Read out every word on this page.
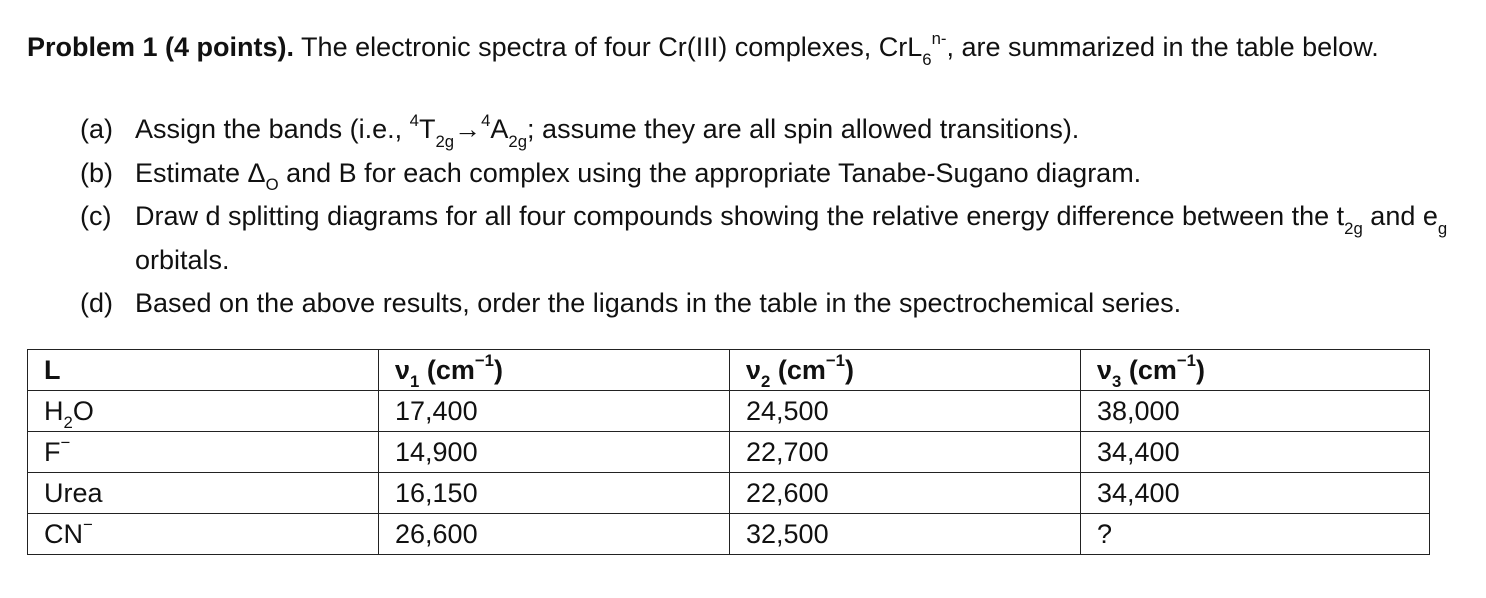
Problem 1 (4 points). The electronic spectra of four Cr(III) complexes, CrL$_6^{n-}$, are summarized in the table below.
(a) Assign the bands (i.e., $^4T_{2g}\to^4A_{2g}$; assume they are all spin allowed transitions).
(b) Estimate $\Delta_O$ and B for each complex using the appropriate Tanabe-Sugano diagram.
(c) Draw d splitting diagrams for all four compounds showing the relative energy difference between the $t_{2g}$ and $e_g$ orbitals.
(d) Based on the above results, order the ligands in the table in the spectrochemical series.
L	$\nu_1$ $(cm^{-1})$	$\nu_2$ $(cm^{-1})$	$\nu_3$ $(cm^{-1})$
$H_2O$	17,400	24,500	38,000
F−	14,900	22,700	34,400
Urea	16,150	22,600	34,400
CN−	26,600	32,500	?
